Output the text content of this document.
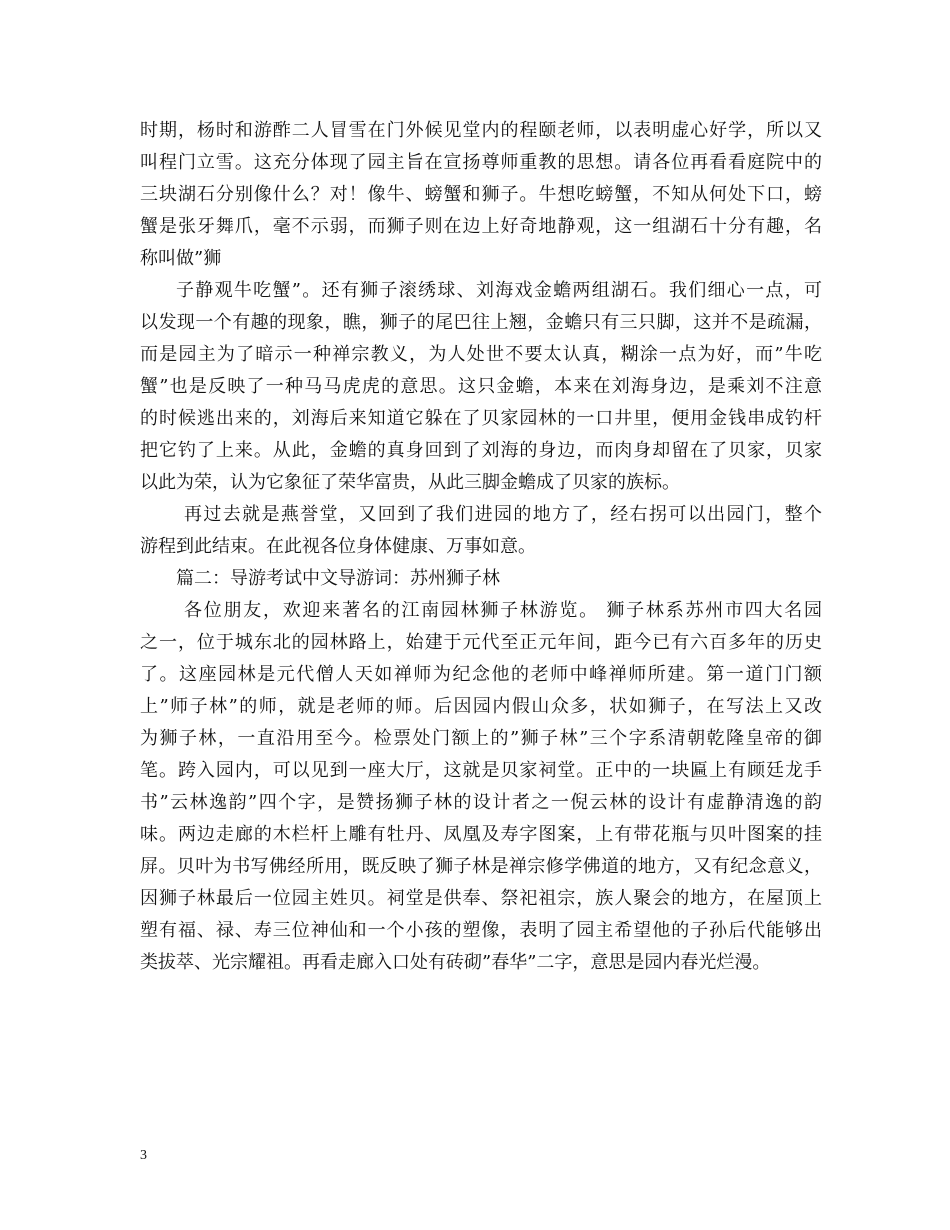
时期，杨时和游酢二人冒雪在门外候见堂内的程颐老师，以表明虚心好学，所以又
叫程门立雪。这充分体现了园主旨在宣扬尊师重教的思想。请各位再看看庭院中的
三块湖石分别像什么？对！像牛、螃蟹和狮子。牛想吃螃蟹，不知从何处下口，螃
蟹是张牙舞爪，毫不示弱，而狮子则在边上好奇地静观，这一组湖石十分有趣，名
称叫做”狮
子静观牛吃蟹”。还有狮子滚绣球、刘海戏金蟾两组湖石。我们细心一点，可
以发现一个有趣的现象，瞧，狮子的尾巴往上翘，金蟾只有三只脚，这并不是疏漏，
而是园主为了暗示一种禅宗教义，为人处世不要太认真，糊涂一点为好，而”牛吃
蟹”也是反映了一种马马虎虎的意思。这只金蟾，本来在刘海身边，是乘刘不注意
的时候逃出来的，刘海后来知道它躲在了贝家园林的一口井里，便用金钱串成钓杆
把它钓了上来。从此，金蟾的真身回到了刘海的身边，而肉身却留在了贝家，贝家
以此为荣，认为它象征了荣华富贵，从此三脚金蟾成了贝家的族标。
再过去就是燕誉堂，又回到了我们进园的地方了，经右拐可以出园门，整个
游程到此结束。在此视各位身体健康、万事如意。
篇二：导游考试中文导游词：苏州狮子林
各位朋友，欢迎来著名的江南园林狮子林游览。 狮子林系苏州市四大名园
之一，位于城东北的园林路上，始建于元代至正元年间，距今已有六百多年的历史
了。这座园林是元代僧人天如禅师为纪念他的老师中峰禅师所建。第一道门门额
上”师子林”的师，就是老师的师。后因园内假山众多，状如狮子，在写法上又改
为狮子林，一直沿用至今。检票处门额上的”狮子林”三个字系清朝乾隆皇帝的御
笔。跨入园内，可以见到一座大厅，这就是贝家祠堂。正中的一块匾上有顾廷龙手
书”云林逸韵”四个字，是赞扬狮子林的设计者之一倪云林的设计有虚静清逸的韵
味。两边走廊的木栏杆上雕有牡丹、凤凰及寿字图案，上有带花瓶与贝叶图案的挂
屏。贝叶为书写佛经所用，既反映了狮子林是禅宗修学佛道的地方，又有纪念意义，
因狮子林最后一位园主姓贝。祠堂是供奉、祭祀祖宗，族人聚会的地方，在屋顶上
塑有福、禄、寿三位神仙和一个小孩的塑像，表明了园主希望他的子孙后代能够出
类拔萃、光宗耀祖。再看走廊入口处有砖砌”春华”二字，意思是园内春光烂漫。
3
